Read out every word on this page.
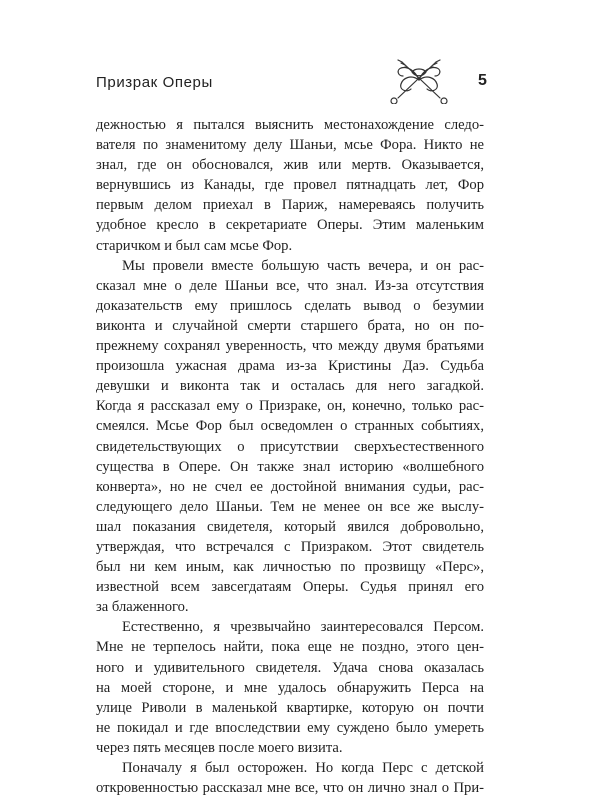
Призрак Оперы	5
дежностью я пытался выяснить местонахождение следо-
вателя по знаменитому делу Шаньи, мсье Фора. Никто не
знал, где он обосновался, жив или мертв. Оказывается,
вернувшись из Канады, где провел пятнадцать лет, Фор
первым делом приехал в Париж, намереваясь получить
удобное кресло в секретариате Оперы. Этим маленьким
старичком и был сам мсье Фор.
Мы провели вместе большую часть вечера, и он рас-
сказал мне о деле Шаньи все, что знал. Из-за отсутствия
доказательств ему пришлось сделать вывод о безумии
виконта и случайной смерти старшего брата, но он по-
прежнему сохранял уверенность, что между двумя братьями
произошла ужасная драма из-за Кристины Даэ. Судьба
девушки и виконта так и осталась для него загадкой.
Когда я рассказал ему о Призраке, он, конечно, только рас-
смеялся. Мсье Фор был осведомлен о странных событиях,
свидетельствующих о присутствии сверхъестественного
существа в Опере. Он также знал историю «волшебного
конверта», но не счел ее достойной внимания судьи, рас-
следующего дело Шаньи. Тем не менее он все же выслу-
шал показания свидетеля, который явился добровольно,
утверждая, что встречался с Призраком. Этот свидетель
был ни кем иным, как личностью по прозвищу «Перс»,
известной всем завсегдатаям Оперы. Судья принял его
за блаженного.
Естественно, я чрезвычайно заинтересовался Персом.
Мне не терпелось найти, пока еще не поздно, этого цен-
ного и удивительного свидетеля. Удача снова оказалась
на моей стороне, и мне удалось обнаружить Перса на
улице Риволи в маленькой квартирке, которую он почти
не покидал и где впоследствии ему суждено было умереть
через пять месяцев после моего визита.
Поначалу я был осторожен. Но когда Перс с детской
откровенностью рассказал мне все, что он лично знал о При-
